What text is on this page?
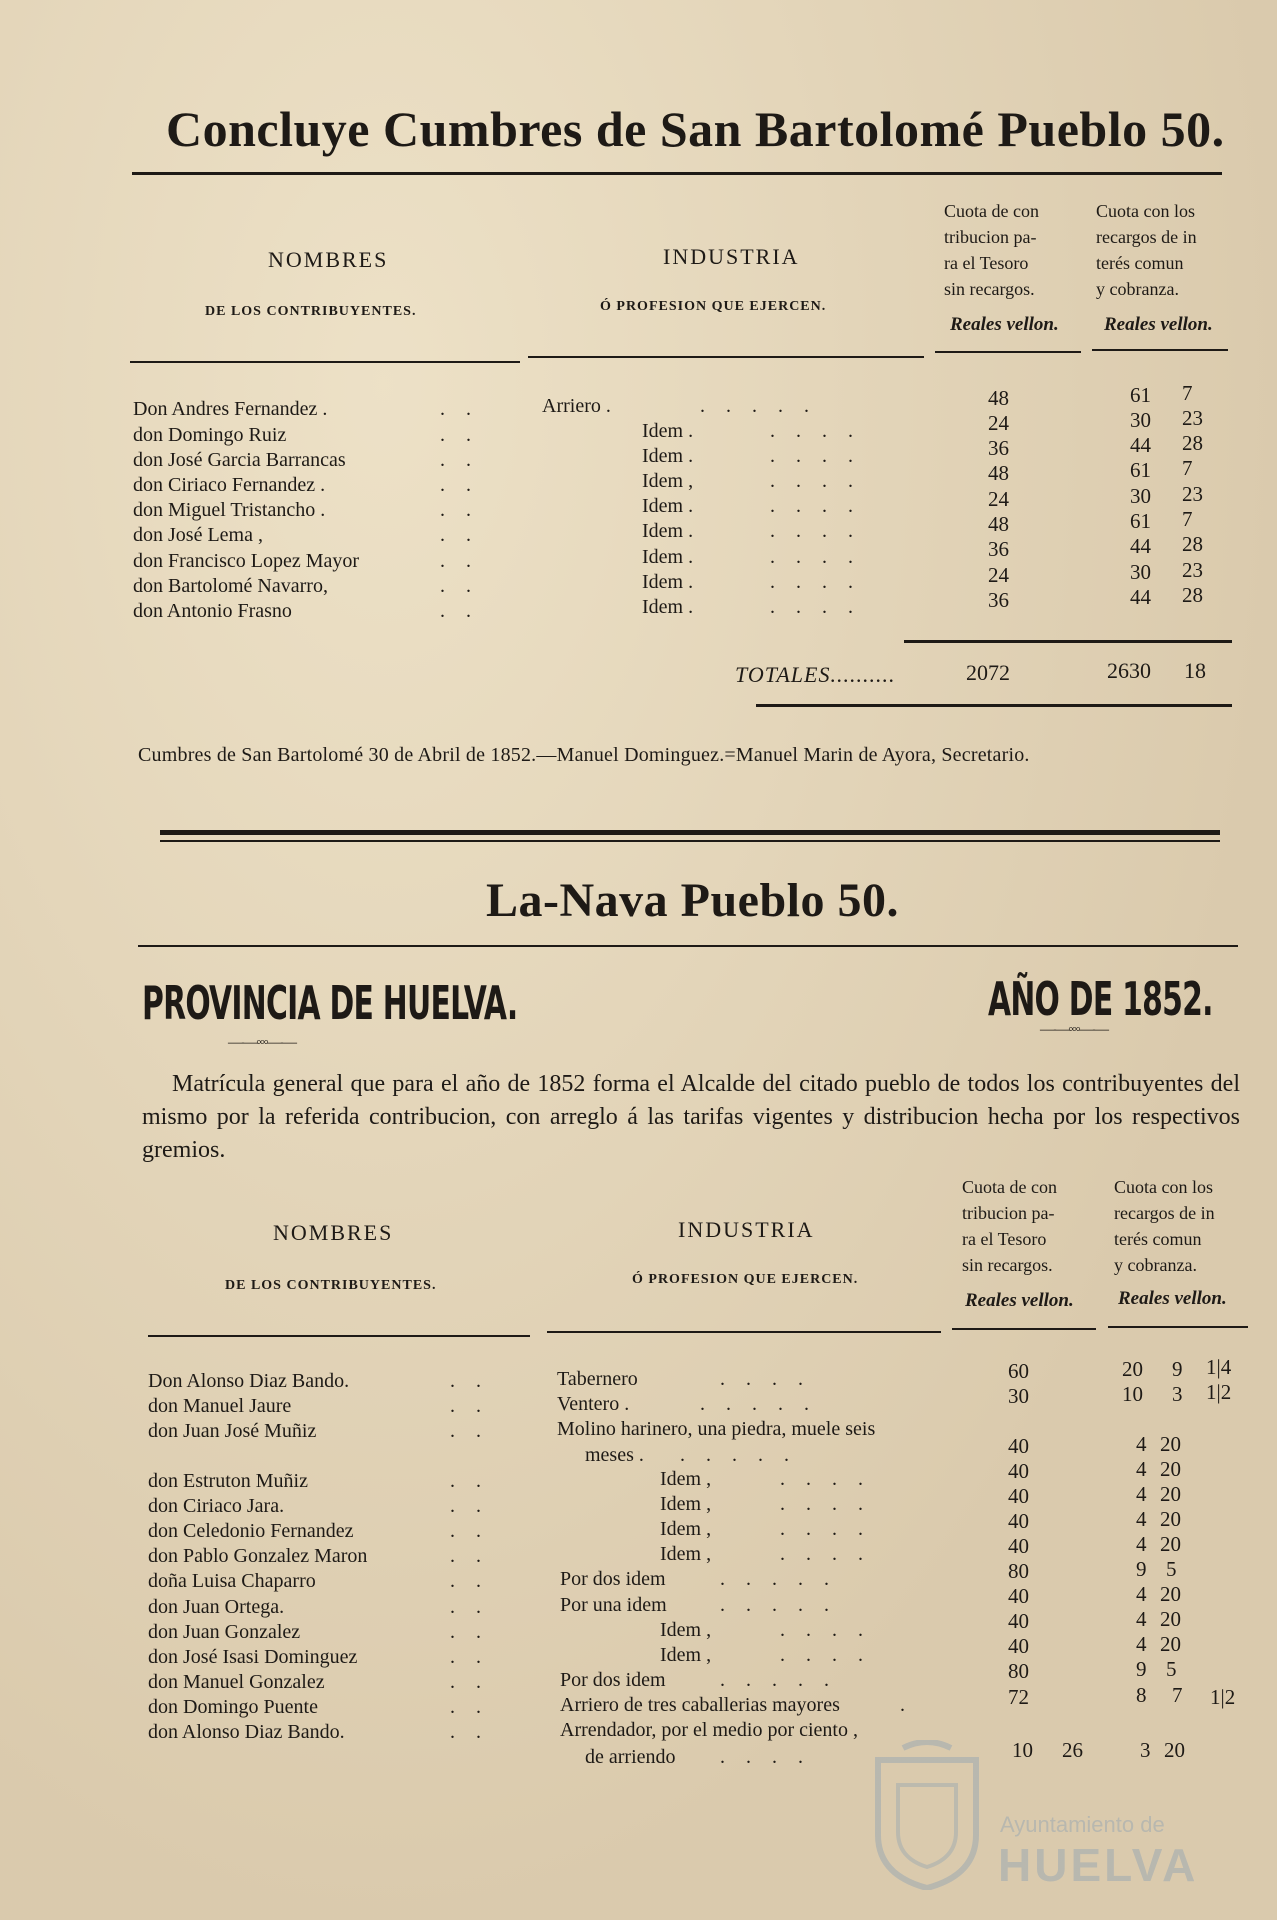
Concluye Cumbres de San Bartolomé Pueblo 50.
NOMBRES
DE LOS CONTRIBUYENTES.
INDUSTRIA
Ó PROFESION QUE EJERCEN.
Cuota de con
tribucion pa-
ra el Tesoro
sin recargos.
Reales vellon.
Cuota con los
recargos de in
terés comun
y cobranza.
Reales vellon.
Don Andres Fernandez .
don Domingo Ruiz
don José Garcia Barrancas
don Ciriaco Fernandez .
don Miguel Tristancho .
don José Lema ,
don Francisco Lopez Mayor
don Bartolomé Navarro,
don Antonio Frasno
. .
. .
. .
. .
. .
. .
. .
. .
. .
Arriero .
Idem .
Idem .
Idem ,
Idem .
Idem .
Idem .
Idem .
Idem .
. . . . .
. . . .
. . . .
. . . .
. . . .
. . . .
. . . .
. . . .
. . . .
48
24
36
48
24
48
36
24
36
61
30
44
61
30
61
44
30
44
7
23
28
7
23
7
28
23
28
TOTALES..........	2072	2630 18
Cumbres de San Bartolomé 30 de Abril de 1852.—Manuel Dominguez.=Manuel Marin de Ayora, Secretario.
La-Nava Pueblo 50.
PROVINCIA DE HUELVA.
——◦◦◦——
AÑO DE 1852.
——◦◦◦——
Matrícula general que para el año de 1852 forma el Alcalde del citado pueblo de todos los contribuyentes del mismo por la referida contribucion, con arreglo á las tarifas vigentes y distribucion hecha por los respectivos gremios.
NOMBRES
DE LOS CONTRIBUYENTES.
INDUSTRIA
Ó PROFESION QUE EJERCEN.
Cuota de con
tribucion pa-
ra el Tesoro
sin recargos.
Reales vellon.
Cuota con los
recargos de in
terés comun
y cobranza.
Reales vellon.
Don Alonso Diaz Bando.
don Manuel Jaure
don Juan José Muñiz
don Estruton Muñiz
don Ciriaco Jara.
don Celedonio Fernandez
don Pablo Gonzalez Maron
doña Luisa Chaparro
don Juan Ortega.
don Juan Gonzalez
don José Isasi Dominguez
don Manuel Gonzalez
don Domingo Puente
don Alonso Diaz Bando.
. .
. .
. .
. .
. .
. .
. .
. .
. .
. .
. .
. .
. .
. .
Tabernero
Ventero .
Molino harinero, una piedra, muele seis
meses .
Idem ,
Idem ,
Idem ,
Idem ,
Por dos idem
Por una idem
Idem ,
Idem ,
Por dos idem
Arriero de tres caballerias mayores
Arrendador, por el medio por ciento ,
de arriendo
. . . .
. . . . .
. . . . .
. . . .
. . . .
. . . .
. . . .
. . . . .
. . . . .
. . . .
. . . .
. . . . .
.
. . . .
60
30
40
40
40
40
40
80
40
40
40
80
72
10 26
20
10
4
4
4
4
4
9
4
4
4
9
8
3
9
3
20
20
20
20
20
5
20
20
20
5
7
20
1|4
1|2
1|2
Ayuntamiento de
HUELVA
